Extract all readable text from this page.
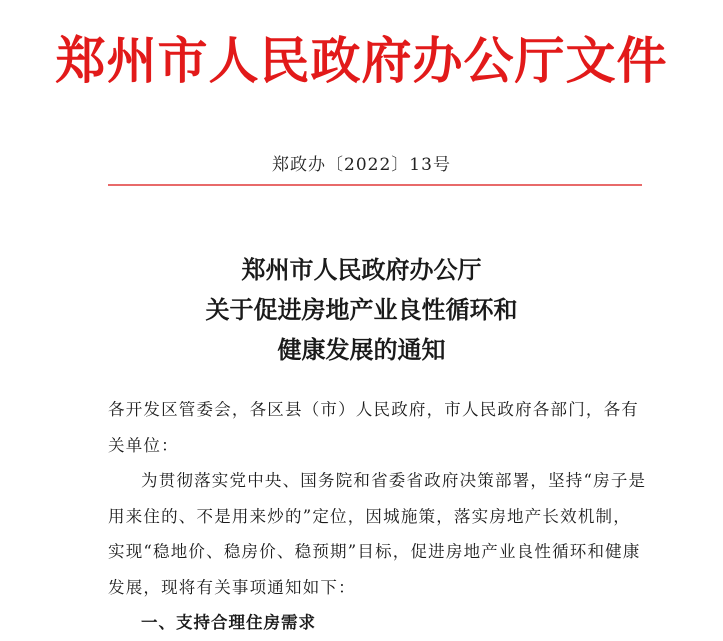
郑州市人民政府办公厅文件
郑政办〔2022〕13号
郑州市人民政府办公厅
关于促进房地产业良性循环和
健康发展的通知

各开发区管委会，各区县（市）人民政府，市人民政府各部门，各有关单位：

为贯彻落实党中央、国务院和省委省政府决策部署，坚持“房子是用来住的、不是用来炒的”定位，因城施策，落实房地产长效机制，实现“稳地价、稳房价、稳预期”目标，促进房地产业良性循环和健康发展，现将有关事项通知如下：

一、支持合理住房需求
